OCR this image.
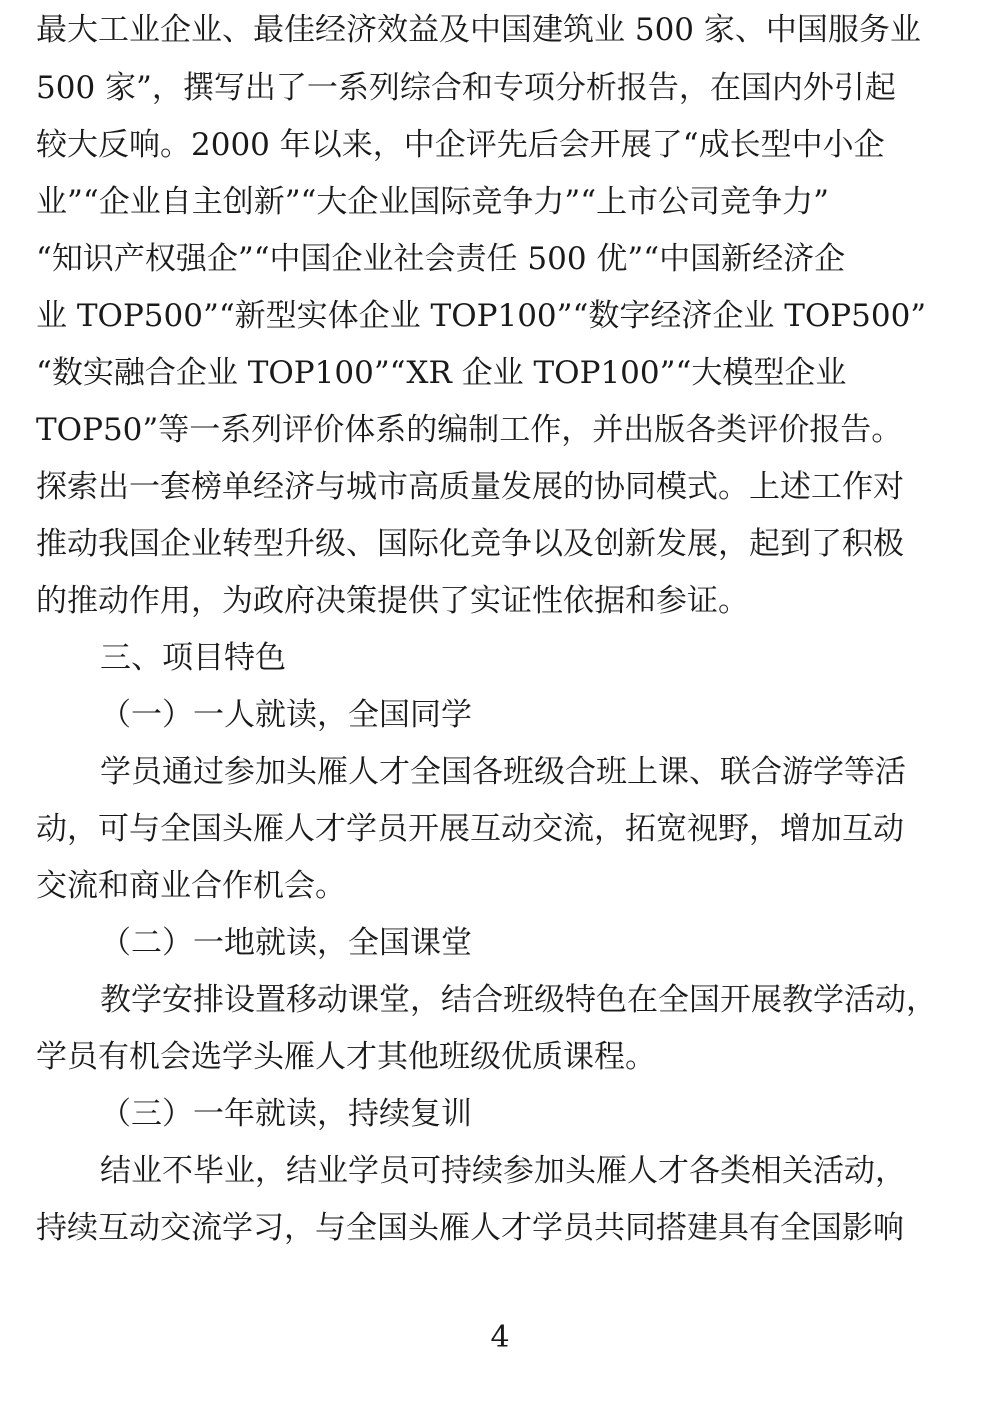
最大工业企业、最佳经济效益及中国建筑业 500 家、中国服务业
500 家”，撰写出了一系列综合和专项分析报告，在国内外引起
较大反响。2000 年以来，中企评先后会开展了“成长型中小企
业”“企业自主创新”“大企业国际竞争力”“上市公司竞争力”
“知识产权强企”“中国企业社会责任 500 优”“中国新经济企
业 TOP500”“新型实体企业 TOP100”“数字经济企业 TOP500”
“数实融合企业 TOP100”“XR 企业 TOP100”“大模型企业
TOP50”等一系列评价体系的编制工作，并出版各类评价报告。
探索出一套榜单经济与城市高质量发展的协同模式。上述工作对
推动我国企业转型升级、国际化竞争以及创新发展，起到了积极
的推动作用，为政府决策提供了实证性依据和参证。
三、项目特色
（一）一人就读，全国同学
学员通过参加头雁人才全国各班级合班上课、联合游学等活
动，可与全国头雁人才学员开展互动交流，拓宽视野，增加互动
交流和商业合作机会。
（二）一地就读，全国课堂
教学安排设置移动课堂，结合班级特色在全国开展教学活动，
学员有机会选学头雁人才其他班级优质课程。
（三）一年就读，持续复训
结业不毕业，结业学员可持续参加头雁人才各类相关活动，
持续互动交流学习，与全国头雁人才学员共同搭建具有全国影响
4
